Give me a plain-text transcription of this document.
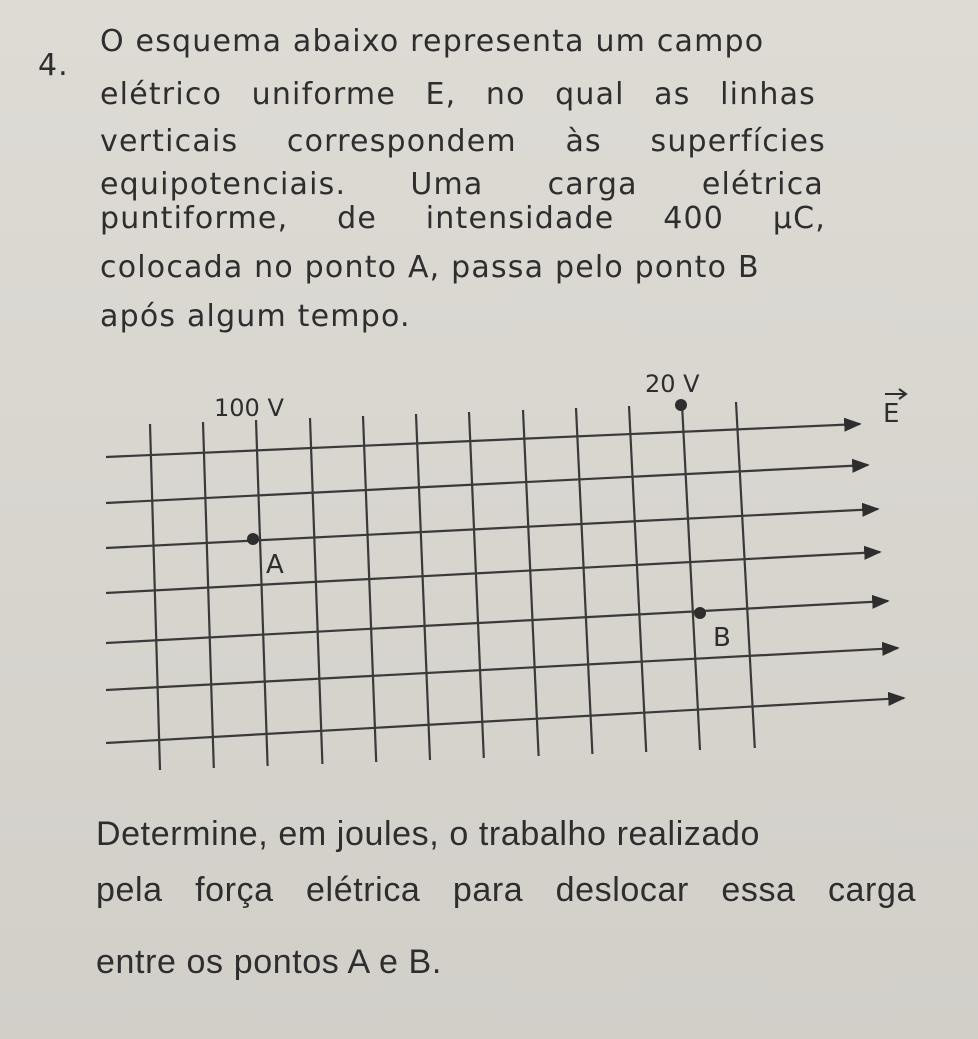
4.
O esquema abaixo representa um campo
elétrico uniforme E, no qual as linhas
verticais correspondem às superfícies
equipotenciais. Uma carga elétrica
puntiforme, de intensidade 400 μC,
colocada no ponto A, passa pelo ponto B
após algum tempo.
100 V
20 V
E
A
B
Determine, em joules, o trabalho realizado
pela força elétrica para deslocar essa carga
entre os pontos A e B.
